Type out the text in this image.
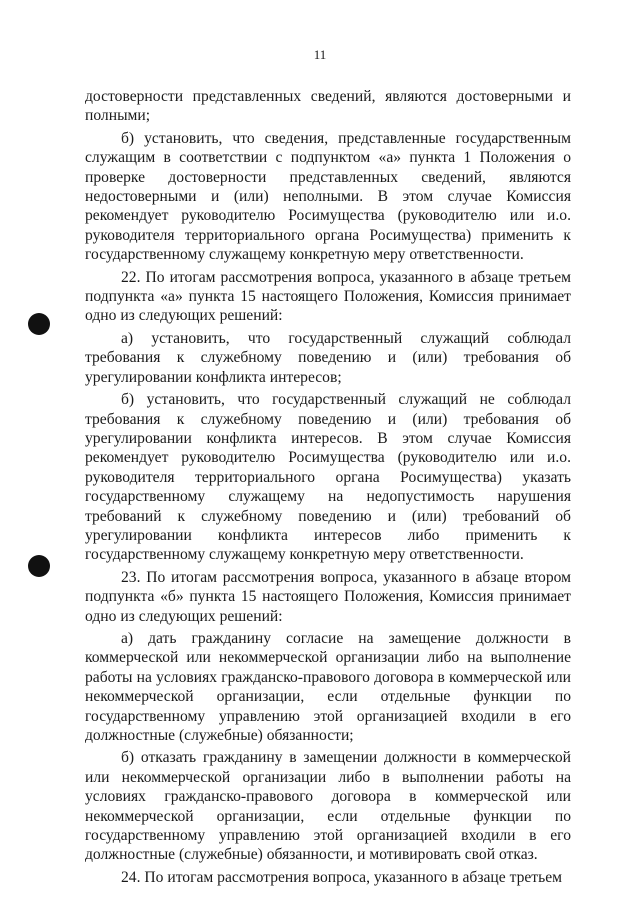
11

достоверности представленных сведений, являются достоверными и полными;

б) установить, что сведения, представленные государственным служащим в соответствии с подпунктом «а» пункта 1 Положения о проверке достоверности представленных сведений, являются недостоверными и (или) неполными. В этом случае Комиссия рекомендует руководителю Росимущества (руководителю или и.о. руководителя территориального органа Росимущества) применить к государственному служащему конкретную меру ответственности.

22. По итогам рассмотрения вопроса, указанного в абзаце третьем подпункта «а» пункта 15 настоящего Положения, Комиссия принимает одно из следующих решений:

а) установить, что государственный служащий соблюдал требования к служебному поведению и (или) требования об урегулировании конфликта интересов;

б) установить, что государственный служащий не соблюдал требования к служебному поведению и (или) требования об урегулировании конфликта интересов. В этом случае Комиссия рекомендует руководителю Росимущества (руководителю или и.о. руководителя территориального органа Росимущества) указать государственному служащему на недопустимость нарушения требований к служебному поведению и (или) требований об урегулировании конфликта интересов либо применить к государственному служащему конкретную меру ответственности.

23. По итогам рассмотрения вопроса, указанного в абзаце втором подпункта «б» пункта 15 настоящего Положения, Комиссия принимает одно из следующих решений:

а) дать гражданину согласие на замещение должности в коммерческой или некоммерческой организации либо на выполнение работы на условиях гражданско-правового договора в коммерческой или некоммерческой организации, если отдельные функции по государственному управлению этой организацией входили в его должностные (служебные) обязанности;

б) отказать гражданину в замещении должности в коммерческой или некоммерческой организации либо в выполнении работы на условиях гражданско-правового договора в коммерческой или некоммерческой организации, если отдельные функции по государственному управлению этой организацией входили в его должностные (служебные) обязанности, и мотивировать свой отказ.

24. По итогам рассмотрения вопроса, указанного в абзаце третьем
